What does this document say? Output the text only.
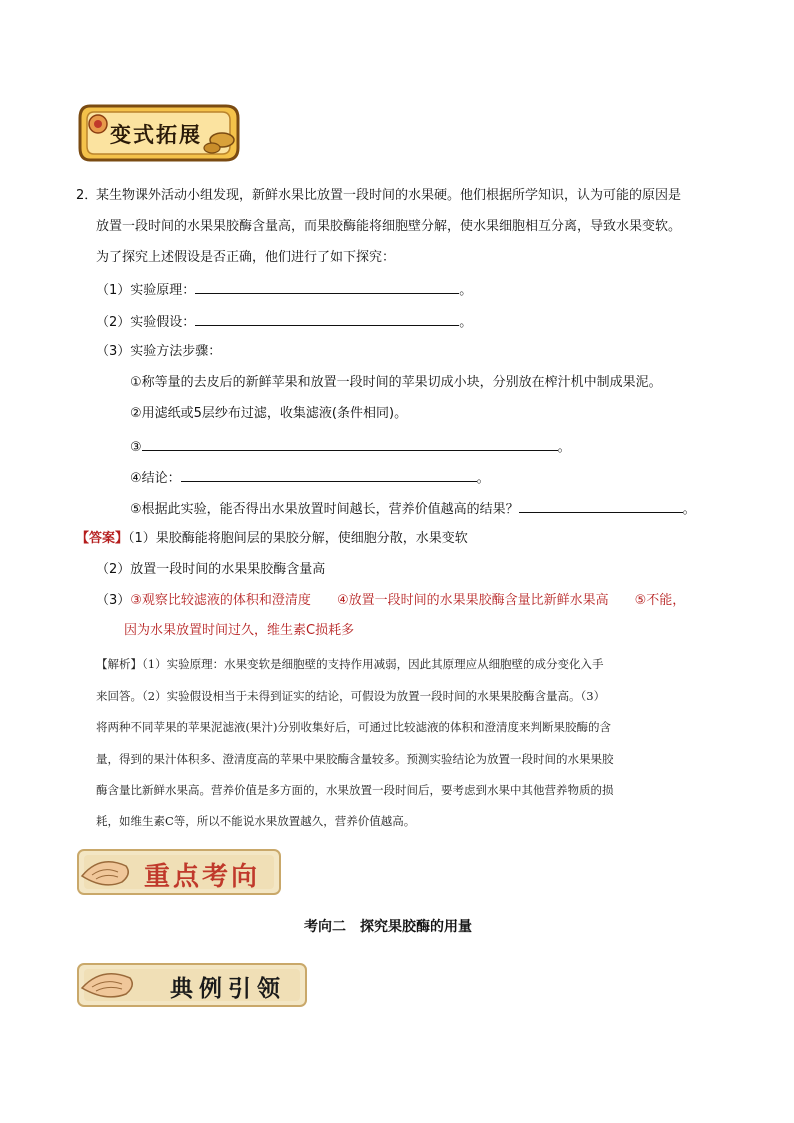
变式拓展
2．
某生物课外活动小组发现，新鲜水果比放置一段时间的水果硬。他们根据所学知识，认为可能的原因是
放置一段时间的水果果胶酶含量高，而果胶酶能将细胞壁分解，使水果细胞相互分离，导致水果变软。
为了探究上述假设是否正确，他们进行了如下探究：
（1）实验原理：	。
（2）实验假设：	。
（3）实验方法步骤：
①称等量的去皮后的新鲜苹果和放置一段时间的苹果切成小块，分别放在榨汁机中制成果泥。
②用滤纸或5层纱布过滤，收集滤液(条件相同)。
③	。
④结论：	。
⑤根据此实验，能否得出水果放置时间越长，营养价值越高的结果？	。
【答案】（1）果胶酶能将胞间层的果胶分解，使细胞分散，水果变软
（2）放置一段时间的水果果胶酶含量高
（3）③观察比较滤液的体积和澄清度 ④放置一段时间的水果果胶酶含量比新鲜水果高 ⑤不能，
因为水果放置时间过久，维生素C损耗多
【解析】（1）实验原理：水果变软是细胞壁的支持作用减弱，因此其原理应从细胞壁的成分变化入手
来回答。（2）实验假设相当于未得到证实的结论，可假设为放置一段时间的水果果胶酶含量高。（3）
将两种不同苹果的苹果泥滤液(果汁)分别收集好后，可通过比较滤液的体积和澄清度来判断果胶酶的含
量，得到的果汁体积多、澄清度高的苹果中果胶酶含量较多。预测实验结论为放置一段时间的水果果胶
酶含量比新鲜水果高。营养价值是多方面的，水果放置一段时间后，要考虑到水果中其他营养物质的损
耗，如维生素C等，所以不能说水果放置越久，营养价值越高。
重点考向
考向二　探究果胶酶的用量
典例引领
